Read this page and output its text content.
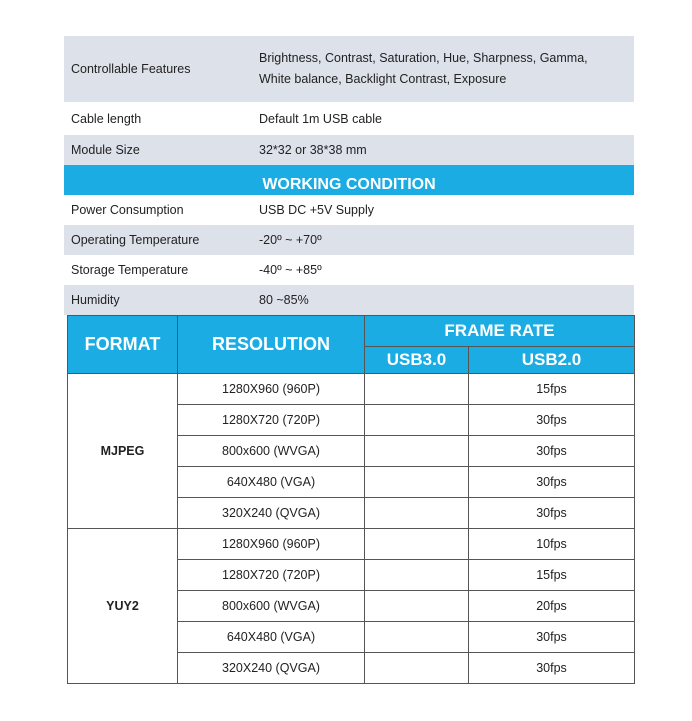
Controllable Features
Brightness, Contrast, Saturation, Hue, Sharpness, Gamma,
White balance, Backlight Contrast, Exposure
Cable length	Default 1m USB cable
Module Size	32*32 or 38*38 mm
WORKING CONDITION
Power Consumption	USB DC +5V Supply
Operating Temperature	-20º ~ +70º
Storage Temperature	-40º ~ +85º
Humidity	80 ~85%
FORMAT	RESOLUTION	FRAME RATE	
		USB3.0	USB2.0
MJPEG	1280X960 (960P)		15fps
	1280X720 (720P)		30fps
	800x600 (WVGA)		30fps
	640X480 (VGA)		30fps
	320X240 (QVGA)		30fps
YUY2	1280X960 (960P)		10fps
	1280X720 (720P)		15fps
	800x600 (WVGA)		20fps
	640X480 (VGA)		30fps
	320X240 (QVGA)		30fps
